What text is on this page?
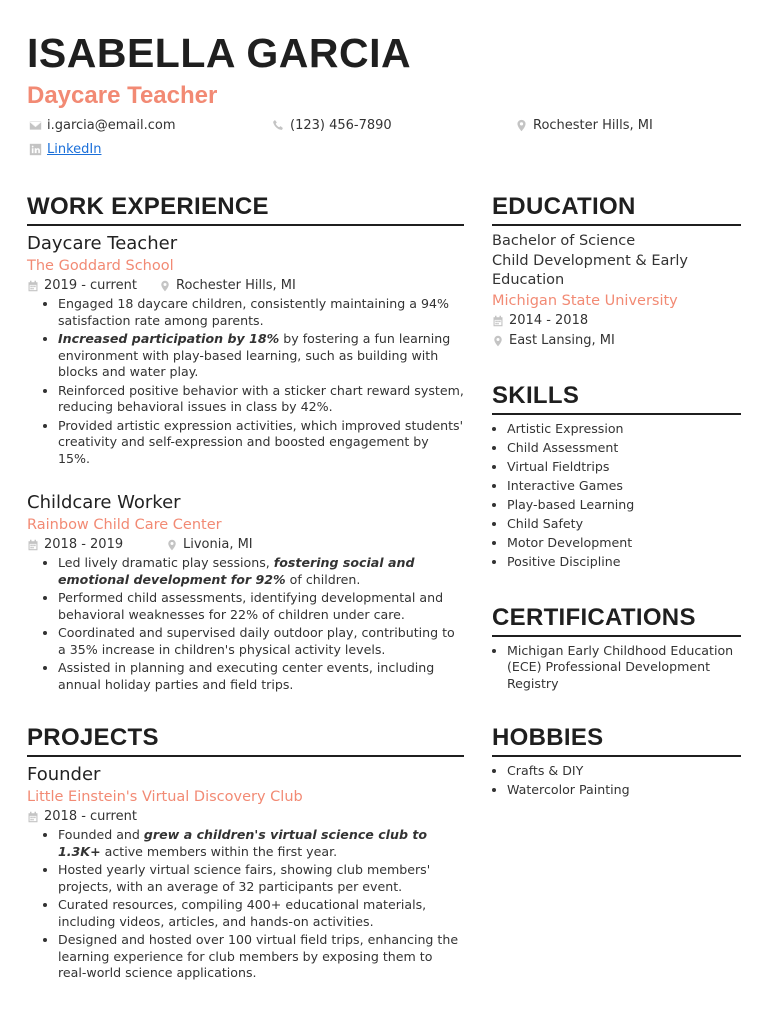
ISABELLA GARCIA
Daycare Teacher
i.garcia@email.com	(123) 456-7890	Rochester Hills, MI
LinkedIn
WORK EXPERIENCE
Daycare Teacher
The Goddard School
2019 - current	Rochester Hills, MI
• Engaged 18 daycare children, consistently maintaining a 94% satisfaction rate among parents.
• Increased participation by 18% by fostering a fun learning environment with play-based learning, such as building with blocks and water play.
• Reinforced positive behavior with a sticker chart reward system, reducing behavioral issues in class by 42%.
• Provided artistic expression activities, which improved students' creativity and self-expression and boosted engagement by 15%.
Childcare Worker
Rainbow Child Care Center
2018 - 2019	Livonia, MI
• Led lively dramatic play sessions, fostering social and emotional development for 92% of children.
• Performed child assessments, identifying developmental and behavioral weaknesses for 22% of children under care.
• Coordinated and supervised daily outdoor play, contributing to a 35% increase in children's physical activity levels.
• Assisted in planning and executing center events, including annual holiday parties and field trips.
PROJECTS
Founder
Little Einstein's Virtual Discovery Club
2018 - current
• Founded and grew a children's virtual science club to 1.3K+ active members within the first year.
• Hosted yearly virtual science fairs, showing club members' projects, with an average of 32 participants per event.
• Curated resources, compiling 400+ educational materials, including videos, articles, and hands-on activities.
• Designed and hosted over 100 virtual field trips, enhancing the learning experience for club members by exposing them to real-world science applications.
EDUCATION
Bachelor of Science
Child Development & Early Education
Michigan State University
2014 - 2018
East Lansing, MI
SKILLS
• Artistic Expression
• Child Assessment
• Virtual Fieldtrips
• Interactive Games
• Play-based Learning
• Child Safety
• Motor Development
• Positive Discipline
CERTIFICATIONS
• Michigan Early Childhood Education (ECE) Professional Development Registry
HOBBIES
• Crafts & DIY
• Watercolor Painting
